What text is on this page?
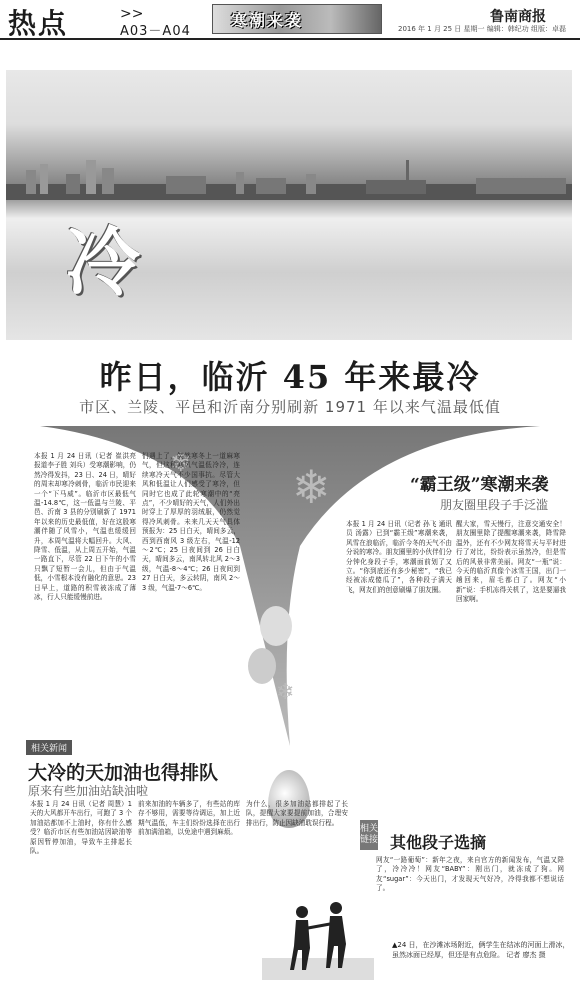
热点	>>
A03－A04
寒潮来袭	鲁南商报
2016 年 1 月 25 日 星期一 编辑：韩纪功 组版：卓磊
冷
昨日，临沂 45 年来最冷
市区、兰陵、平邑和沂南分别刷新 1971 年以来气温最低值
❄
❄
❄
本报 1 月 24 日讯（记者 崔洪亮 报道李子胜 刘兵）受寒潮影响，仍然冷得发抖，23 日、24 日，晴好的周末却寒冷刺骨，临沂市民迎来一个“下马威”。临沂市区最低气温-14.8℃，这一低温与兰陵、平邑、沂南 3 县的分别刷新了 1971 年以来的历史最低值，好在这股寒潮伴随了风雪小，气温也缓缓回升，本周气温将大幅回升。大风、降雪、低温，从上周五开始，气温一路直下，尽管 22 日下午的小雪只飘了短暂一会儿，但由于气温低，小雪根本没有融化的意思。23 日早上，道路的积雪被冻成了薄冰，行人只能缓慢前进。
们遇上了，笑然寒冬上一道麻寒气，但这种寒风气温低冷冷，连续寒冷天气不少国事抗。尽管大风和低温让人们感受了寒冷，但同时它也成了此轮寒潮中的“亮点”，不少晴好的天气，人们外出时穿上了厚厚的羽绒服，仍然觉得冷风刺骨。未来几天天气具体预报为：25 日白天，晴间多云，西到西南风 3 级左右，气温-12～2℃；25 日夜间到 26 日白天，晴间多云，南风转北风 2～3 级，气温-8～4℃；26 日夜间到 27 日白天，多云转阴，南风 2～3 级，气温-7～6℃。
“霸王级”寒潮来袭
朋友圈里段子手泛滥
本报 1 月 24 日讯（记者 孙飞 通讯员 汤露）已到“霸王级”寒潮来袭，风雪在浪临沂，临沂今冬的天气不由分说的寒冷。朋友圈里的小伙伴们分分钟化身段子手，寒潮面前划了又立。“你到底还有多少秘密”，“我已经被冻成傻瓜了”，各种段子满天飞，网友们的创意刷爆了朋友圈。
醒大家，雪天慢行，注意交通安全！朋友圈里除了提醒寒潮来袭，降雪降温外，还有不少网友将雪天与平时进行了对比，纷纷表示虽然冷，但是雪后的风景非常美丽。网友“一瓶”说：今天的临沂真像个冰雪王国，出门一趟回来，眉毛都白了。网友“小新”说：手机冻得关机了，这是要逼我回家啊。
相关新闻
大冷的天加油也得排队
原来有些加油站缺油啦
本报 1 月 24 日讯（记者 周慧）1天的大风都开车出行，可跑了 3 个加油站都加不上油时，你有什么感受？临沂市区有些加油站因缺油等原因暂停加油，导致车主排起长队。
前来加油的车辆多了，有些站的库存不够用，需要等待调运，加上近期气温低，车主们纷纷选择在出行前加满油箱，以免途中遇到麻烦。
为什么，很多加油站都排起了长队，提醒大家要提前加油，合理安排出行，防止因缺油耽误行程。
相关链接 其他段子选摘
网友“一路葡萄”：新年之夜，来自官方的新闻发布，气温又降了，冷冷冷！网友“BABY”：刚出门，就冻成了狗。网友“sugar”：今天出门，才发现天气好冷，冷得我都不想说话了。
▲24 日，在沙滩冰场附近，俩学生在结冰的河面上滑冰，虽然冰面已经厚，但还是有点危险。 记者 廖杰 摄
